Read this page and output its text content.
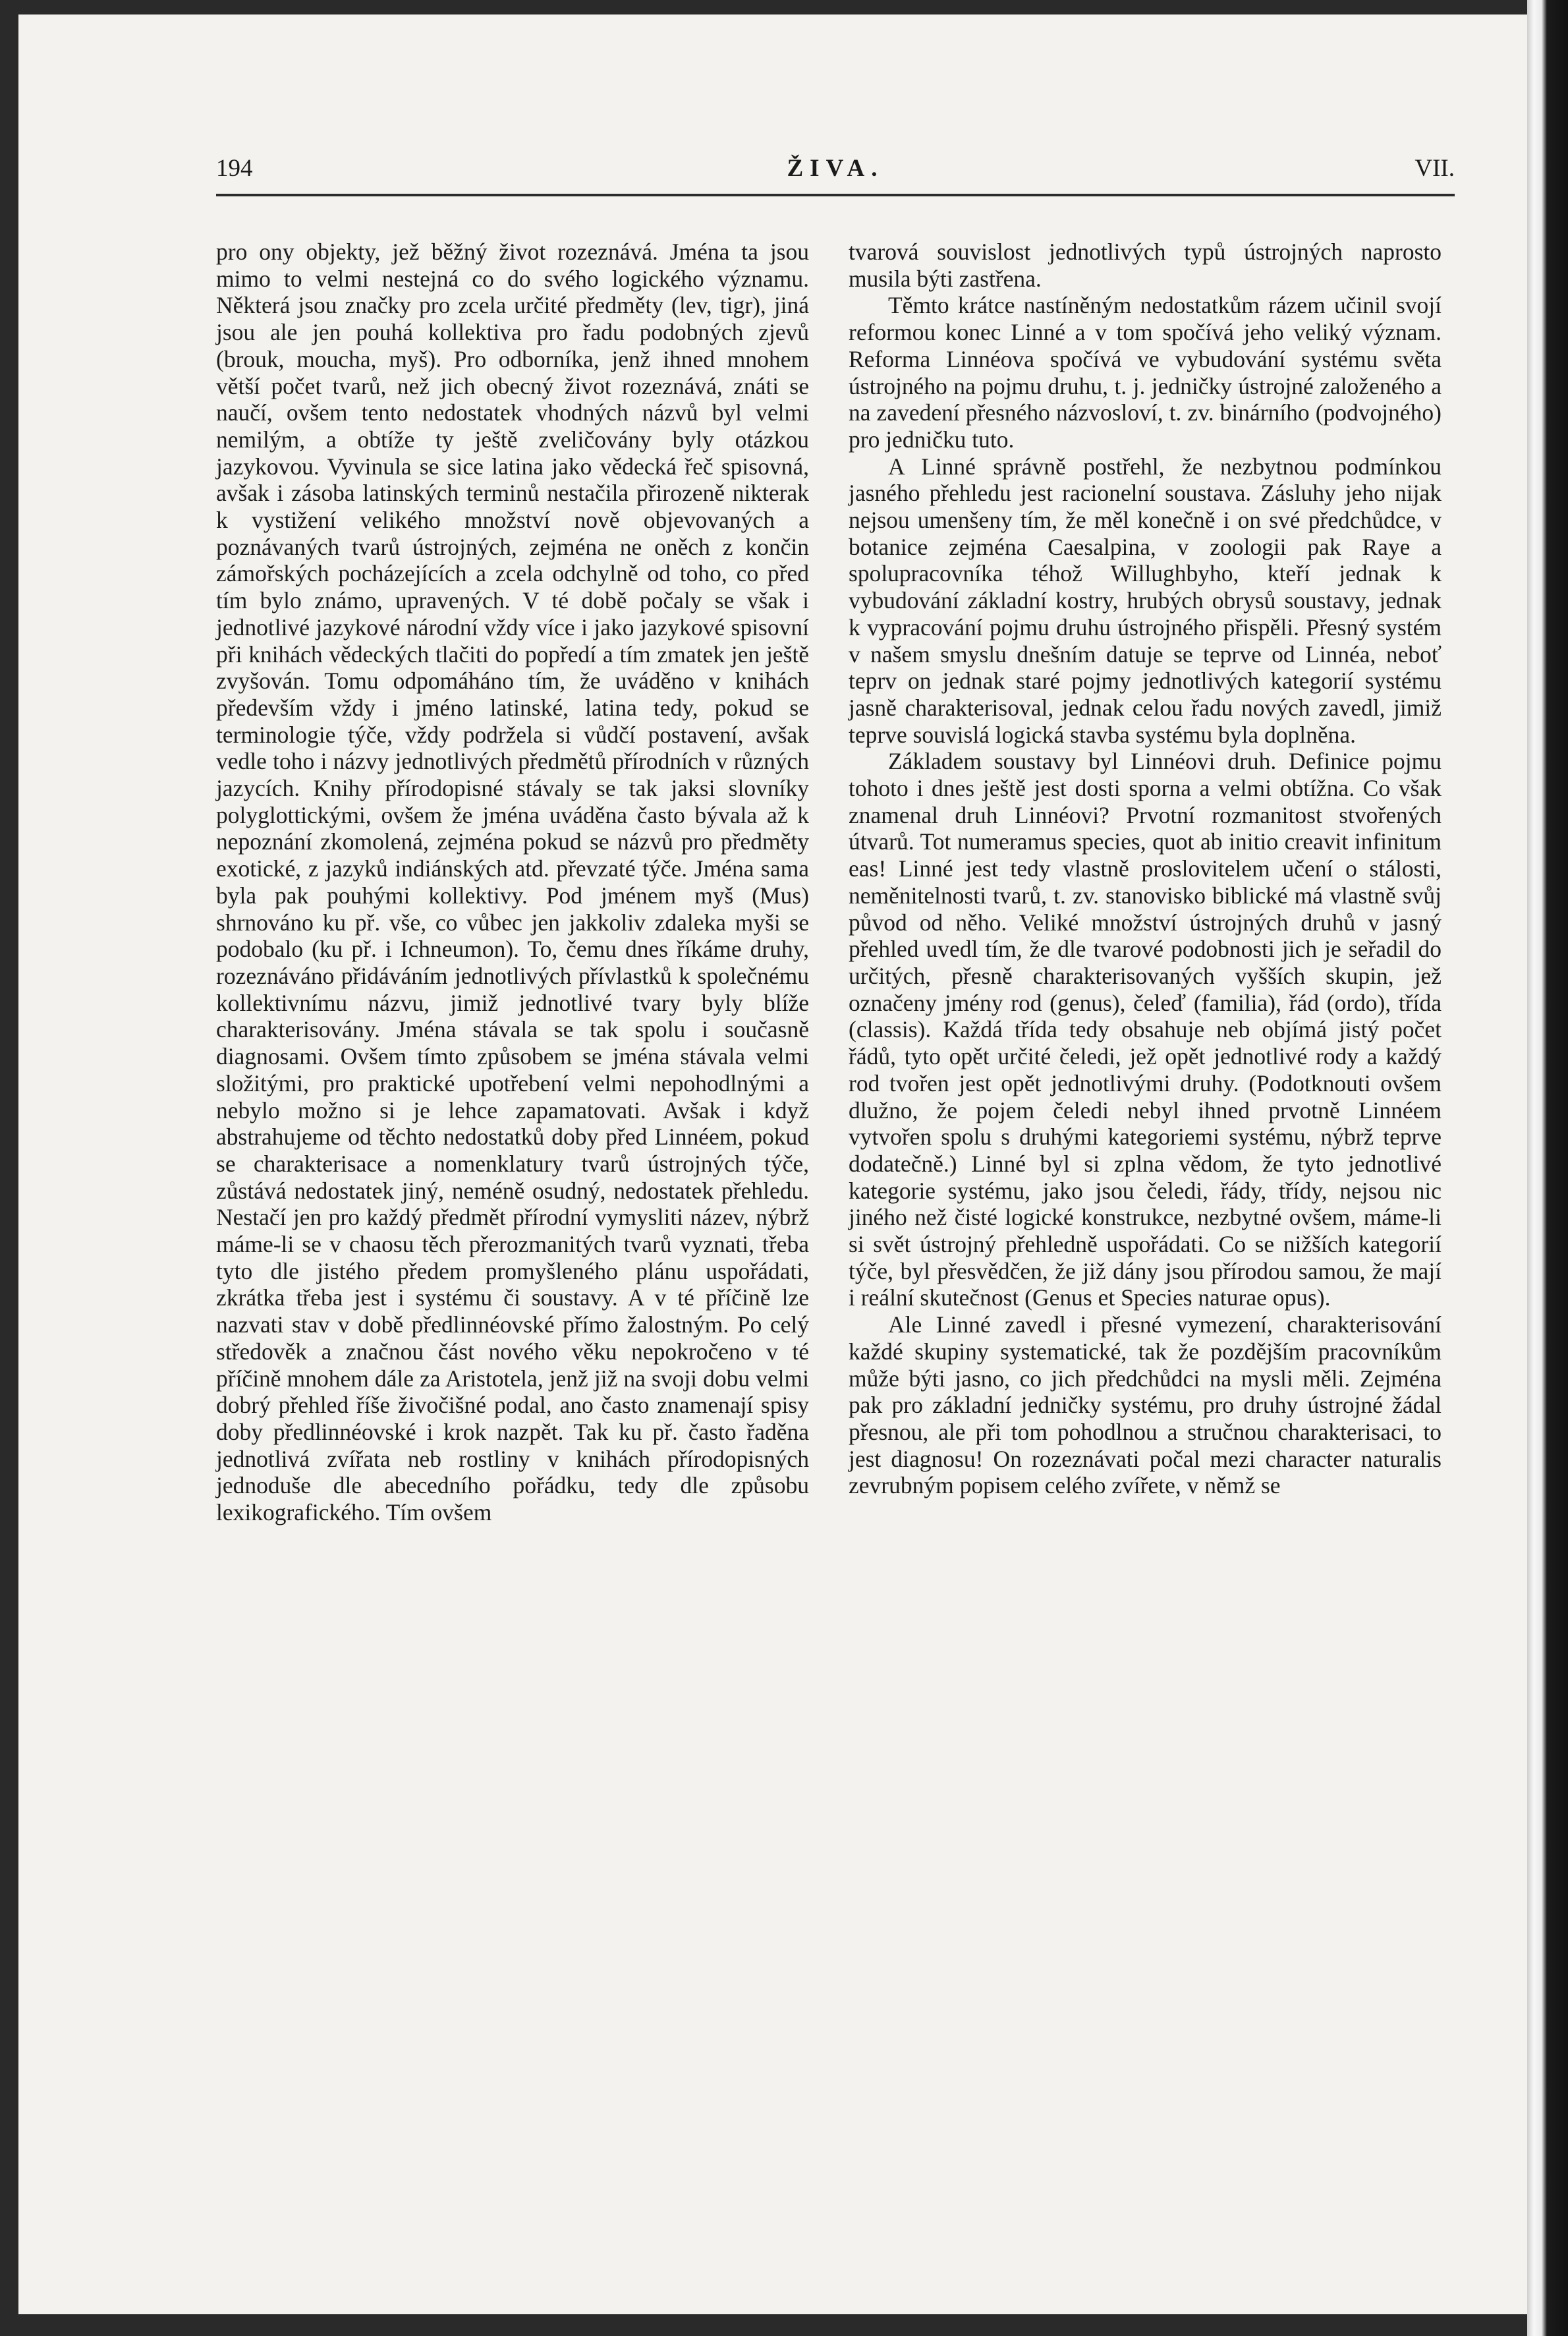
194	ŽIVA.	VII.

pro ony objekty, jež běžný život rozeznává. Jména ta jsou mimo to velmi nestejná co do svého logického významu. Některá jsou značky pro zcela určité předměty (lev, tigr), jiná jsou ale jen pouhá kollektiva pro řadu podobných zjevů (brouk, moucha, myš). Pro odborníka, jenž ihned mnohem větší počet tvarů, než jich obecný život rozeznává, znáti se naučí, ovšem tento nedostatek vhodných názvů byl velmi nemilým, a obtíže ty ještě zveličovány byly otázkou jazykovou. Vyvinula se sice latina jako vědecká řeč spisovná, avšak i zásoba latinských terminů nestačila přirozeně nikterak k vystižení velikého množství nově objevovaných a poznávaných tvarů ústrojných, zejména ne oněch z končin zámořských pocházejících a zcela odchylně od toho, co před tím bylo známo, upravených. V té době počaly se však i jednotlivé jazykové národní vždy více i jako jazykové spisovní při knihách vědeckých tlačiti do popředí a tím zmatek jen ještě zvyšován. Tomu odpomáháno tím, že uváděno v knihách především vždy i jméno latinské, latina tedy, pokud se terminologie týče, vždy podržela si vůdčí postavení, avšak vedle toho i názvy jednotlivých předmětů přírodních v různých jazycích. Knihy přírodopisné stávaly se tak jaksi slovníky polyglottickými, ovšem že jména uváděna často bývala až k nepoznání zkomolená, zejména pokud se názvů pro předměty exotické, z jazyků indiánských atd. převzaté týče. Jména sama byla pak pouhými kollektivy. Pod jménem myš (Mus) shrnováno ku př. vše, co vůbec jen jakkoliv zdaleka myši se podobalo (ku př. i Ichneumon). To, čemu dnes říkáme druhy, rozeznáváno přidáváním jednotlivých přívlastků k společnému kollektivnímu názvu, jimiž jednotlivé tvary byly blíže charakterisovány. Jména stávala se tak spolu i současně diagnosami. Ovšem tímto způsobem se jména stávala velmi složitými, pro praktické upotřebení velmi nepohodlnými a nebylo možno si je lehce zapamatovati. Avšak i když abstrahujeme od těchto nedostatků doby před Linnéem, pokud se charakterisace a nomenklatury tvarů ústrojných týče, zůstává nedostatek jiný, neméně osudný, nedostatek přehledu. Nestačí jen pro každý předmět přírodní vymysliti název, nýbrž máme-li se v chaosu těch přerozmanitých tvarů vyznati, třeba tyto dle jistého předem promyšleného plánu uspořádati, zkrátka třeba jest i systému či soustavy. A v té příčině lze nazvati stav v době předlinnéovské přímo žalostným. Po celý středověk a značnou část nového věku nepokročeno v té příčině mnohem dále za Aristotela, jenž již na svoji dobu velmi dobrý přehled říše živočišné podal, ano často znamenají spisy doby předlinnéovské i krok nazpět. Tak ku př. často řaděna jednotlivá zvířata neb rostliny v knihách přírodopisných jednoduše dle abecedního pořádku, tedy dle způsobu lexikografického. Tím ovšem

tvarová souvislost jednotlivých typů ústrojných naprosto musila býti zastřena.

Těmto krátce nastíněným nedostatkům rázem učinil svojí reformou konec Linné a v tom spočívá jeho veliký význam. Reforma Linnéova spočívá ve vybudování systému světa ústrojného na pojmu druhu, t. j. jedničky ústrojné založeného a na zavedení přesného názvosloví, t. zv. binárního (podvojného) pro jedničku tuto.

A Linné správně postřehl, že nezbytnou podmínkou jasného přehledu jest racionelní soustava. Zásluhy jeho nijak nejsou umenšeny tím, že měl konečně i on své předchůdce, v botanice zejména Caesalpina, v zoologii pak Raye a spolupracovníka téhož Willughbyho, kteří jednak k vybudování základní kostry, hrubých obrysů soustavy, jednak k vypracování pojmu druhu ústrojného přispěli. Přesný systém v našem smyslu dnešním datuje se teprve od Linnéa, neboť teprv on jednak staré pojmy jednotlivých kategorií systému jasně charakterisoval, jednak celou řadu nových zavedl, jimiž teprve souvislá logická stavba systému byla doplněna.

Základem soustavy byl Linnéovi druh. Definice pojmu tohoto i dnes ještě jest dosti sporna a velmi obtížna. Co však znamenal druh Linnéovi? Prvotní rozmanitost stvořených útvarů. Tot numeramus species, quot ab initio creavit infinitum eas! Linné jest tedy vlastně proslovitelem učení o stálosti, neměnitelnosti tvarů, t. zv. stanovisko biblické má vlastně svůj původ od něho. Veliké množství ústrojných druhů v jasný přehled uvedl tím, že dle tvarové podobnosti jich je seřadil do určitých, přesně charakterisovaných vyšších skupin, jež označeny jmény rod (genus), čeleď (familia), řád (ordo), třída (classis). Každá třída tedy obsahuje neb objímá jistý počet řádů, tyto opět určité čeledi, jež opět jednotlivé rody a každý rod tvořen jest opět jednotlivými druhy. (Podotknouti ovšem dlužno, že pojem čeledi nebyl ihned prvotně Linnéem vytvořen spolu s druhými kategoriemi systému, nýbrž teprve dodatečně.) Linné byl si zplna vědom, že tyto jednotlivé kategorie systému, jako jsou čeledi, řády, třídy, nejsou nic jiného než čisté logické konstrukce, nezbytné ovšem, máme-li si svět ústrojný přehledně uspořádati. Co se nižších kategorií týče, byl přesvědčen, že již dány jsou přírodou samou, že mají i reální skutečnost (Genus et Species naturae opus).

Ale Linné zavedl i přesné vymezení, charakterisování každé skupiny systematické, tak že pozdějším pracovníkům může býti jasno, co jich předchůdci na mysli měli. Zejména pak pro základní jedničky systému, pro druhy ústrojné žádal přesnou, ale při tom pohodlnou a stručnou charakterisaci, to jest diagnosu! On rozeznávati počal mezi character naturalis zevrubným popisem celého zvířete, v němž se
